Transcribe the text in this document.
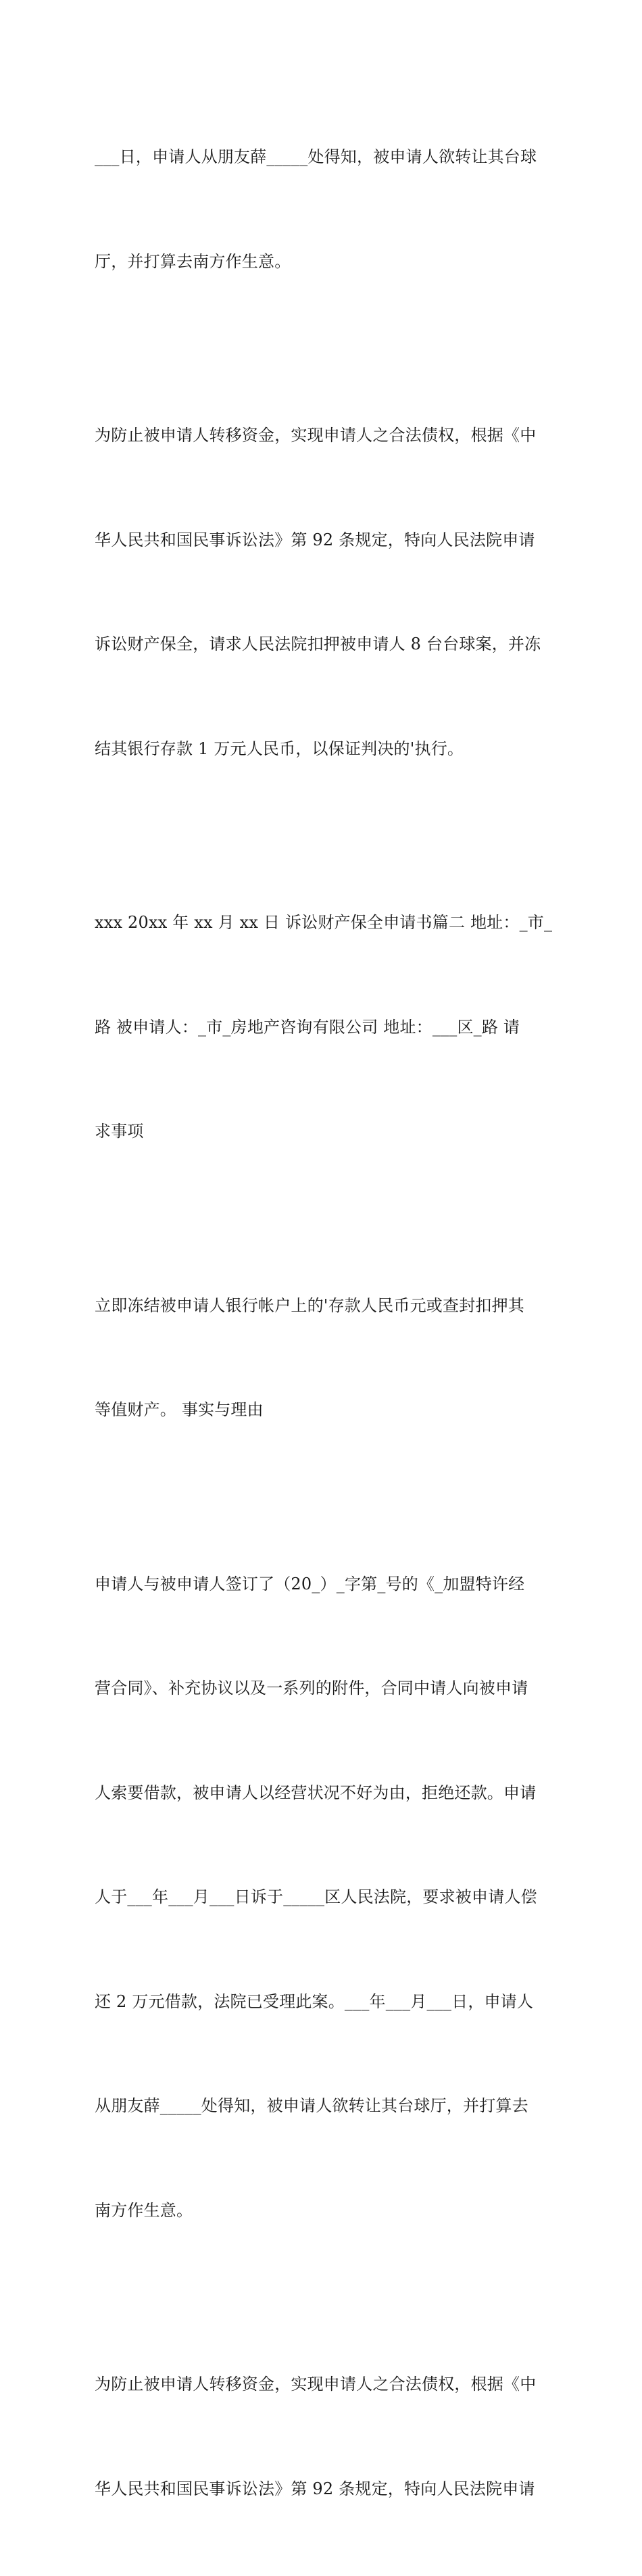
___日，申请人从朋友薛_____处得知，被申请人欲转让其台球

厅，并打算去南方作生意。

为防止被申请人转移资金，实现申请人之合法债权，根据《中

华人民共和国民事诉讼法》第 92 条规定，特向人民法院申请

诉讼财产保全，请求人民法院扣押被申请人 8 台台球案，并冻

结其银行存款 1 万元人民币，以保证判决的'执行。

xxx 20xx 年 xx 月 xx 日 诉讼财产保全申请书篇二 地址：_市_

路 被申请人：_市_房地产咨询有限公司 地址：___区_路 请

求事项

立即冻结被申请人银行帐户上的'存款人民币元或查封扣押其

等值财产。 事实与理由

申请人与被申请人签订了（20_）_字第_号的《_加盟特许经

营合同》、补充协议以及一系列的附件，合同中请人向被申请

人索要借款，被申请人以经营状况不好为由，拒绝还款。申请

人于___年___月___日诉于_____区人民法院，要求被申请人偿

还 2 万元借款，法院已受理此案。___年___月___日，申请人

从朋友薛_____处得知，被申请人欲转让其台球厅，并打算去

南方作生意。

为防止被申请人转移资金，实现申请人之合法债权，根据《中

华人民共和国民事诉讼法》第 92 条规定，特向人民法院申请
